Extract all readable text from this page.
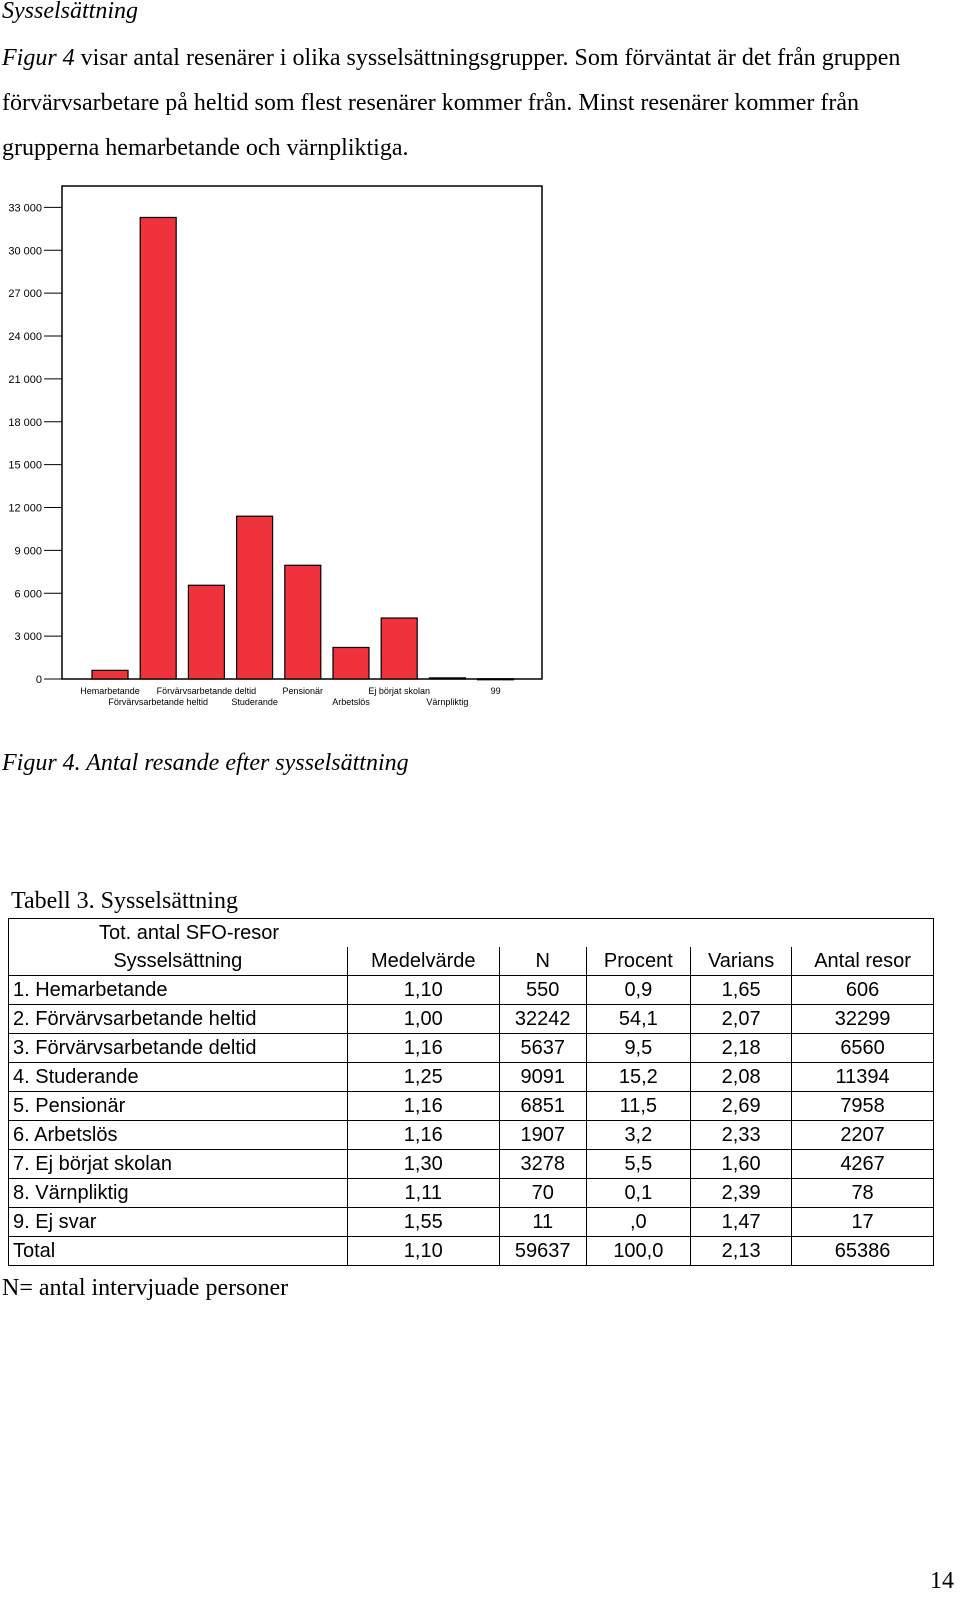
Sysselsättning

Figur 4 visar antal resenärer i olika sysselsättningsgrupper. Som förväntat är det från gruppen förvärvsarbetare på heltid som flest resenärer kommer från. Minst resenärer kommer från grupperna hemarbetande och värnpliktiga.

0
3 000
6 000
9 000
12 000
15 000
18 000
21 000
24 000
27 000
30 000
33 000
Hemarbetande
Förvärvsarbetande heltid
Förvärvsarbetande deltid
Studerande
Pensionär
Arbetslös
Ej börjat skolan
Värnpliktig
99

Figur 4. Antal resande efter sysselsättning

Tabell 3. Sysselsättning

Tot. antal SFO-resor					
Sysselsättning	Medelvärde	N	Procent	Varians	Antal resor
1. Hemarbetande	1,10	550	0,9	1,65	606
2. Förvärvsarbetande heltid	1,00	32242	54,1	2,07	32299
3. Förvärvsarbetande deltid	1,16	5637	9,5	2,18	6560
4. Studerande	1,25	9091	15,2	2,08	11394
5. Pensionär	1,16	6851	11,5	2,69	7958
6. Arbetslös	1,16	1907	3,2	2,33	2207
7. Ej börjat skolan	1,30	3278	5,5	1,60	4267
8. Värnpliktig	1,11	70	0,1	2,39	78
9. Ej svar	1,55	11	,0	1,47	17
Total	1,10	59637	100,0	2,13	65386

N= antal intervjuade personer

14
